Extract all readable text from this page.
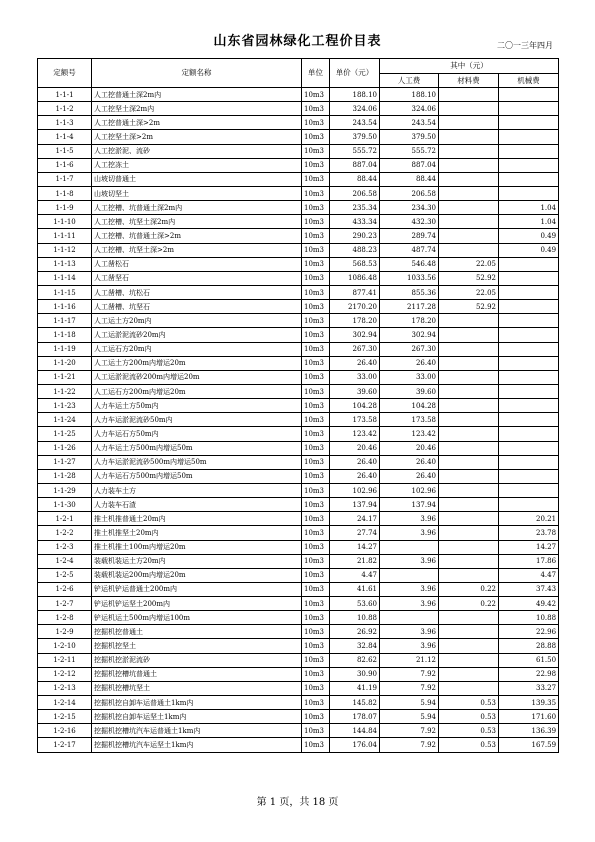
山东省园林绿化工程价目表	二〇一三年四月
定额号	定额名称	单位	单价（元）	其中（元）		
				人工费	材料费	机械费
1-1-1	人工挖普通土深2m内	10m3	188.10	188.10		
1-1-2	人工挖坚土深2m内	10m3	324.06	324.06		
1-1-3	人工挖普通土深>2m	10m3	243.54	243.54		
1-1-4	人工挖坚土深>2m	10m3	379.50	379.50		
1-1-5	人工挖淤泥、流砂	10m3	555.72	555.72		
1-1-6	人工挖冻土	10m3	887.04	887.04		
1-1-7	山坡切普通土	10m3	88.44	88.44		
1-1-8	山坡切坚土	10m3	206.58	206.58		
1-1-9	人工挖槽、坑普通土深2m内	10m3	235.34	234.30		1.04
1-1-10	人工挖槽、坑坚土深2m内	10m3	433.34	432.30		1.04
1-1-11	人工挖槽、坑普通土深>2m	10m3	290.23	289.74		0.49
1-1-12	人工挖槽、坑坚土深>2m	10m3	488.23	487.74		0.49
1-1-13	人工凿松石	10m3	568.53	546.48	22.05	
1-1-14	人工凿坚石	10m3	1086.48	1033.56	52.92	
1-1-15	人工凿槽、坑松石	10m3	877.41	855.36	22.05	
1-1-16	人工凿槽、坑坚石	10m3	2170.20	2117.28	52.92	
1-1-17	人工运土方20m内	10m3	178.20	178.20		
1-1-18	人工运淤泥流砂20m内	10m3	302.94	302.94		
1-1-19	人工运石方20m内	10m3	267.30	267.30		
1-1-20	人工运土方200m内增运20m	10m3	26.40	26.40		
1-1-21	人工运淤泥流砂200m内增运20m	10m3	33.00	33.00		
1-1-22	人工运石方200m内增运20m	10m3	39.60	39.60		
1-1-23	人力车运土方50m内	10m3	104.28	104.28		
1-1-24	人力车运淤泥流砂50m内	10m3	173.58	173.58		
1-1-25	人力车运石方50m内	10m3	123.42	123.42		
1-1-26	人力车运土方500m内增运50m	10m3	20.46	20.46		
1-1-27	人力车运淤泥流砂500m内增运50m	10m3	26.40	26.40		
1-1-28	人力车运石方500m内增运50m	10m3	26.40	26.40		
1-1-29	人力装车土方	10m3	102.96	102.96		
1-1-30	人力装车石渣	10m3	137.94	137.94		
1-2-1	推土机推普通土20m内	10m3	24.17	3.96		20.21
1-2-2	推土机推坚土20m内	10m3	27.74	3.96		23.78
1-2-3	推土机推土100m内增运20m	10m3	14.27			14.27
1-2-4	装载机装运土方20m内	10m3	21.82	3.96		17.86
1-2-5	装载机装运200m内增运20m	10m3	4.47			4.47
1-2-6	铲运机铲运普通土200m内	10m3	41.61	3.96	0.22	37.43
1-2-7	铲运机铲运坚土200m内	10m3	53.60	3.96	0.22	49.42
1-2-8	铲运机运土500m内增运100m	10m3	10.88			10.88
1-2-9	挖掘机挖普通土	10m3	26.92	3.96		22.96
1-2-10	挖掘机挖坚土	10m3	32.84	3.96		28.88
1-2-11	挖掘机挖淤泥流砂	10m3	82.62	21.12		61.50
1-2-12	挖掘机挖槽坑普通土	10m3	30.90	7.92		22.98
1-2-13	挖掘机挖槽坑坚土	10m3	41.19	7.92		33.27
1-2-14	挖掘机挖自卸车运普通土1km内	10m3	145.82	5.94	0.53	139.35
1-2-15	挖掘机挖自卸车运坚土1km内	10m3	178.07	5.94	0.53	171.60
1-2-16	挖掘机挖槽坑汽车运普通土1km内	10m3	144.84	7.92	0.53	136.39
1-2-17	挖掘机挖槽坑汽车运坚土1km内	10m3	176.04	7.92	0.53	167.59
第 1 页，共 18 页
